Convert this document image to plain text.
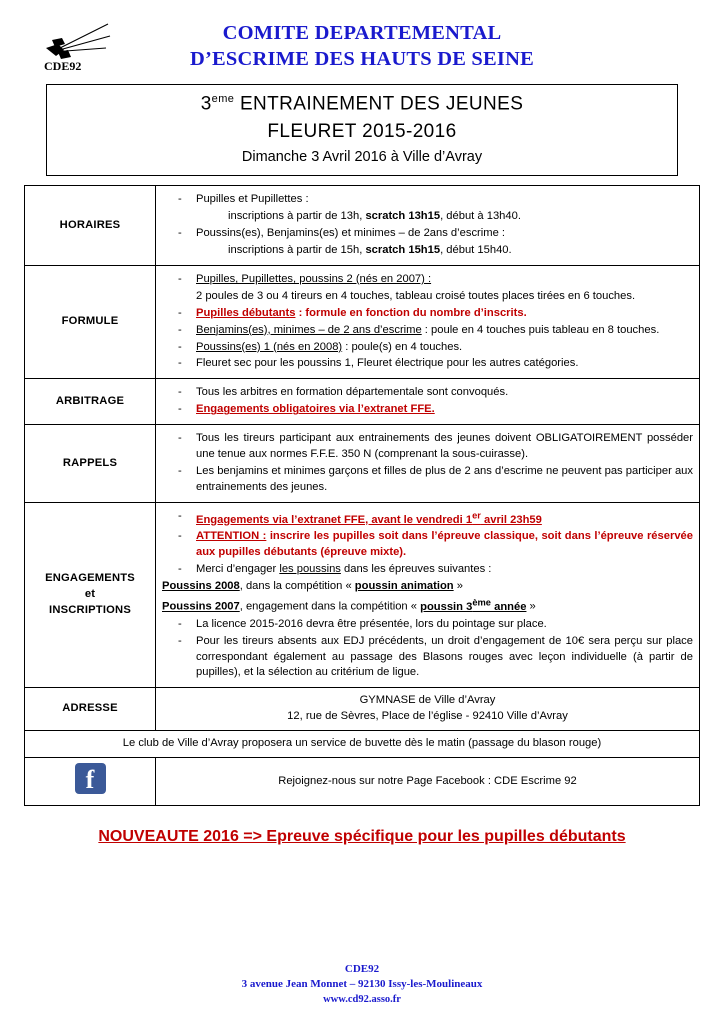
CDE92
COMITE DEPARTEMENTAL
D’ESCRIME DES HAUTS DE SEINE
3eme ENTRAINEMENT DES JEUNES
FLEURET 2015-2016
Dimanche 3 Avril 2016 à Ville d’Avray
HORAIRES	
- Pupilles et Pupillettes :
inscriptions à partir de 13h, scratch 13h15, début à 13h40.
- Poussins(es), Benjamins(es) et minimes – de 2ans d’escrime :
inscriptions à partir de 15h, scratch 15h15, début 15h40.

FORMULE	
- Pupilles, Pupillettes, poussins 2 (nés en 2007) :
2 poules de 3 ou 4 tireurs en 4 touches, tableau croisé toutes places tirées en 6 touches.
- Pupilles débutants : formule en fonction du nombre d’inscrits.
- Benjamins(es), minimes – de 2 ans d’escrime : poule en 4 touches puis tableau en 8 touches.
- Poussins(es) 1 (nés en 2008) : poule(s) en 4 touches.
- Fleuret sec pour les poussins 1, Fleuret électrique pour les autres catégories.

ARBITRAGE	
- Tous les arbitres en formation départementale sont convoqués.
- Engagements obligatoires via l’extranet FFE.

RAPPELS	
- Tous les tireurs participant aux entrainements des jeunes doivent OBLIGATOIREMENT posséder une tenue aux normes F.F.E. 350 N (comprenant la sous-cuirasse).
- Les benjamins et minimes garçons et filles de plus de 2 ans d’escrime ne peuvent pas participer aux entrainements des jeunes.

ENGAGEMENTS
et
INSCRIPTIONS

- Engagements via l’extranet FFE, avant le vendredi 1er avril 23h59
- ATTENTION : inscrire les pupilles soit dans l’épreuve classique, soit dans l’épreuve réservée aux pupilles débutants (épreuve mixte).
- Merci d’engager les poussins dans les épreuves suivantes :
Poussins 2008, dans la compétition « poussin animation »
Poussins 2007, engagement dans la compétition « poussin 3ème année »
- La licence 2015-2016 devra être présentée, lors du pointage sur place.
- Pour les tireurs absents aux EDJ précédents, un droit d’engagement de 10€ sera perçu sur place correspondant également au passage des Blasons rouges avec leçon individuelle (à partir de pupilles), et la sélection au critérium de ligue.

ADRESSE	GYMNASE de Ville d’Avray
12, rue de Sèvres, Place de l’église - 92410 Ville d’Avray

Le club de Ville d’Avray proposera un service de buvette dès le matin (passage du blason rouge)	

f	Rejoignez-nous sur notre Page Facebook : CDE Escrime 92
NOUVEAUTE 2016 => Epreuve spécifique pour les pupilles débutants
CDE92
3 avenue Jean Monnet – 92130 Issy-les-Moulineaux
www.cd92.asso.fr
